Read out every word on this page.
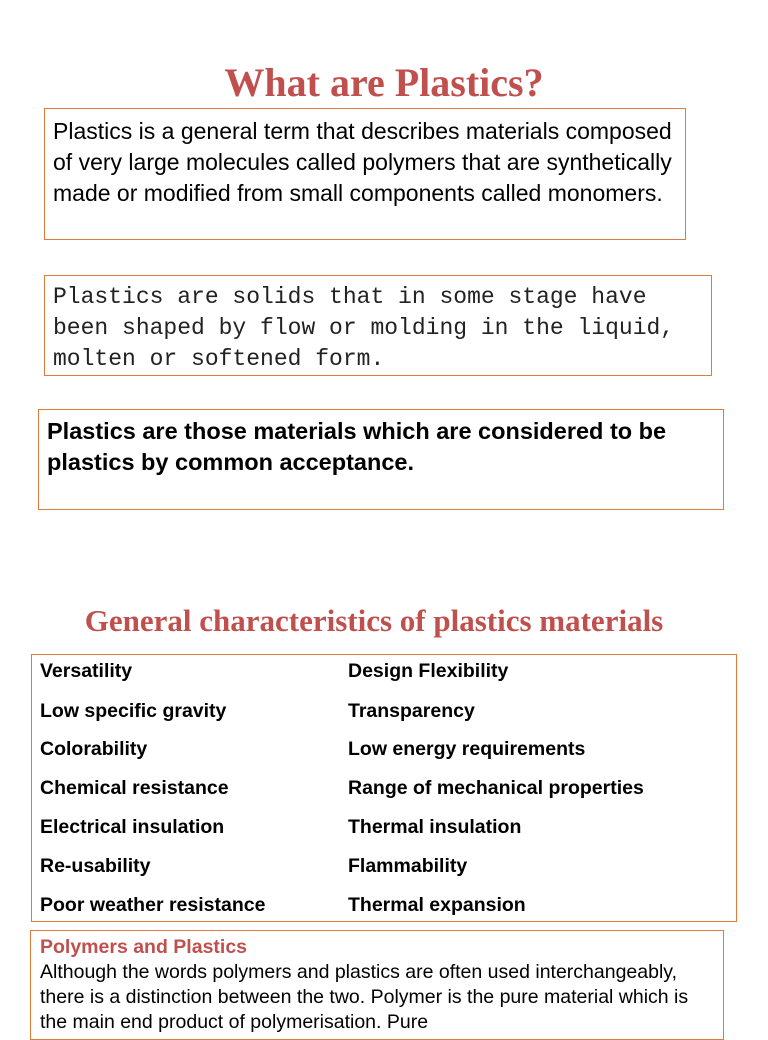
What are Plastics?
Plastics is a general term that describes materials composed of very large molecules called polymers that are synthetically made or modified from small components called monomers.
Plastics are solids that in some stage have been shaped by flow or molding in the liquid, molten or softened form.
Plastics are those materials which are considered to be plastics by common acceptance.
General characteristics of plastics materials
Versatility	Design Flexibility
Low specific gravity	Transparency
Colorability	Low energy requirements
Chemical resistance	Range of mechanical properties
Electrical insulation	Thermal insulation
Re-usability	Flammability
Poor weather resistance	Thermal expansion
Polymers and Plastics
Although the words polymers and plastics are often used interchangeably, there is a distinction between the two. Polymer is the pure material which is the main end product of polymerisation. Pure
